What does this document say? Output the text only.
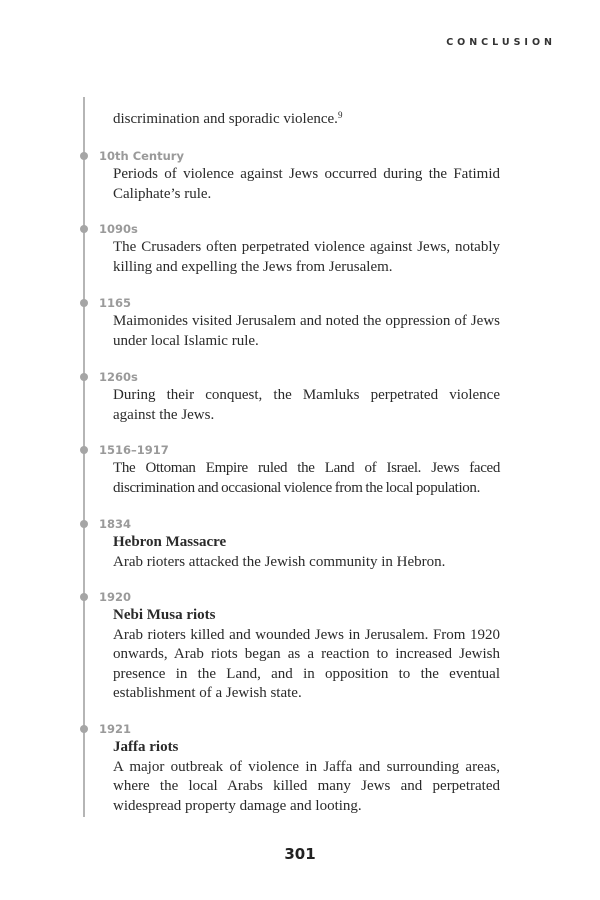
CONCLUSION
discrimination and sporadic violence.$^9$
10th Century
Periods of violence against Jews occurred during the Fatimid Caliphate’s rule.
1090s
The Crusaders often perpetrated violence against Jews, notably killing and expelling the Jews from Jerusalem.
1165
Maimonides visited Jerusalem and noted the oppression of Jews under local Islamic rule.
1260s
During their conquest, the Mamluks perpetrated violence against the Jews.
1516–1917
The Ottoman Empire ruled the Land of Israel. Jews faced discrimination and occasional violence from the local population.
1834
Hebron Massacre
Arab rioters attacked the Jewish community in Hebron.
1920
Nebi Musa riots
Arab rioters killed and wounded Jews in Jerusalem. From 1920 onwards, Arab riots began as a reaction to increased Jewish presence in the Land, and in opposition to the eventual establishment of a Jewish state.
1921
Jaffa riots
A major outbreak of violence in Jaffa and surrounding areas, where the local Arabs killed many Jews and perpetrated widespread property damage and looting.
301
